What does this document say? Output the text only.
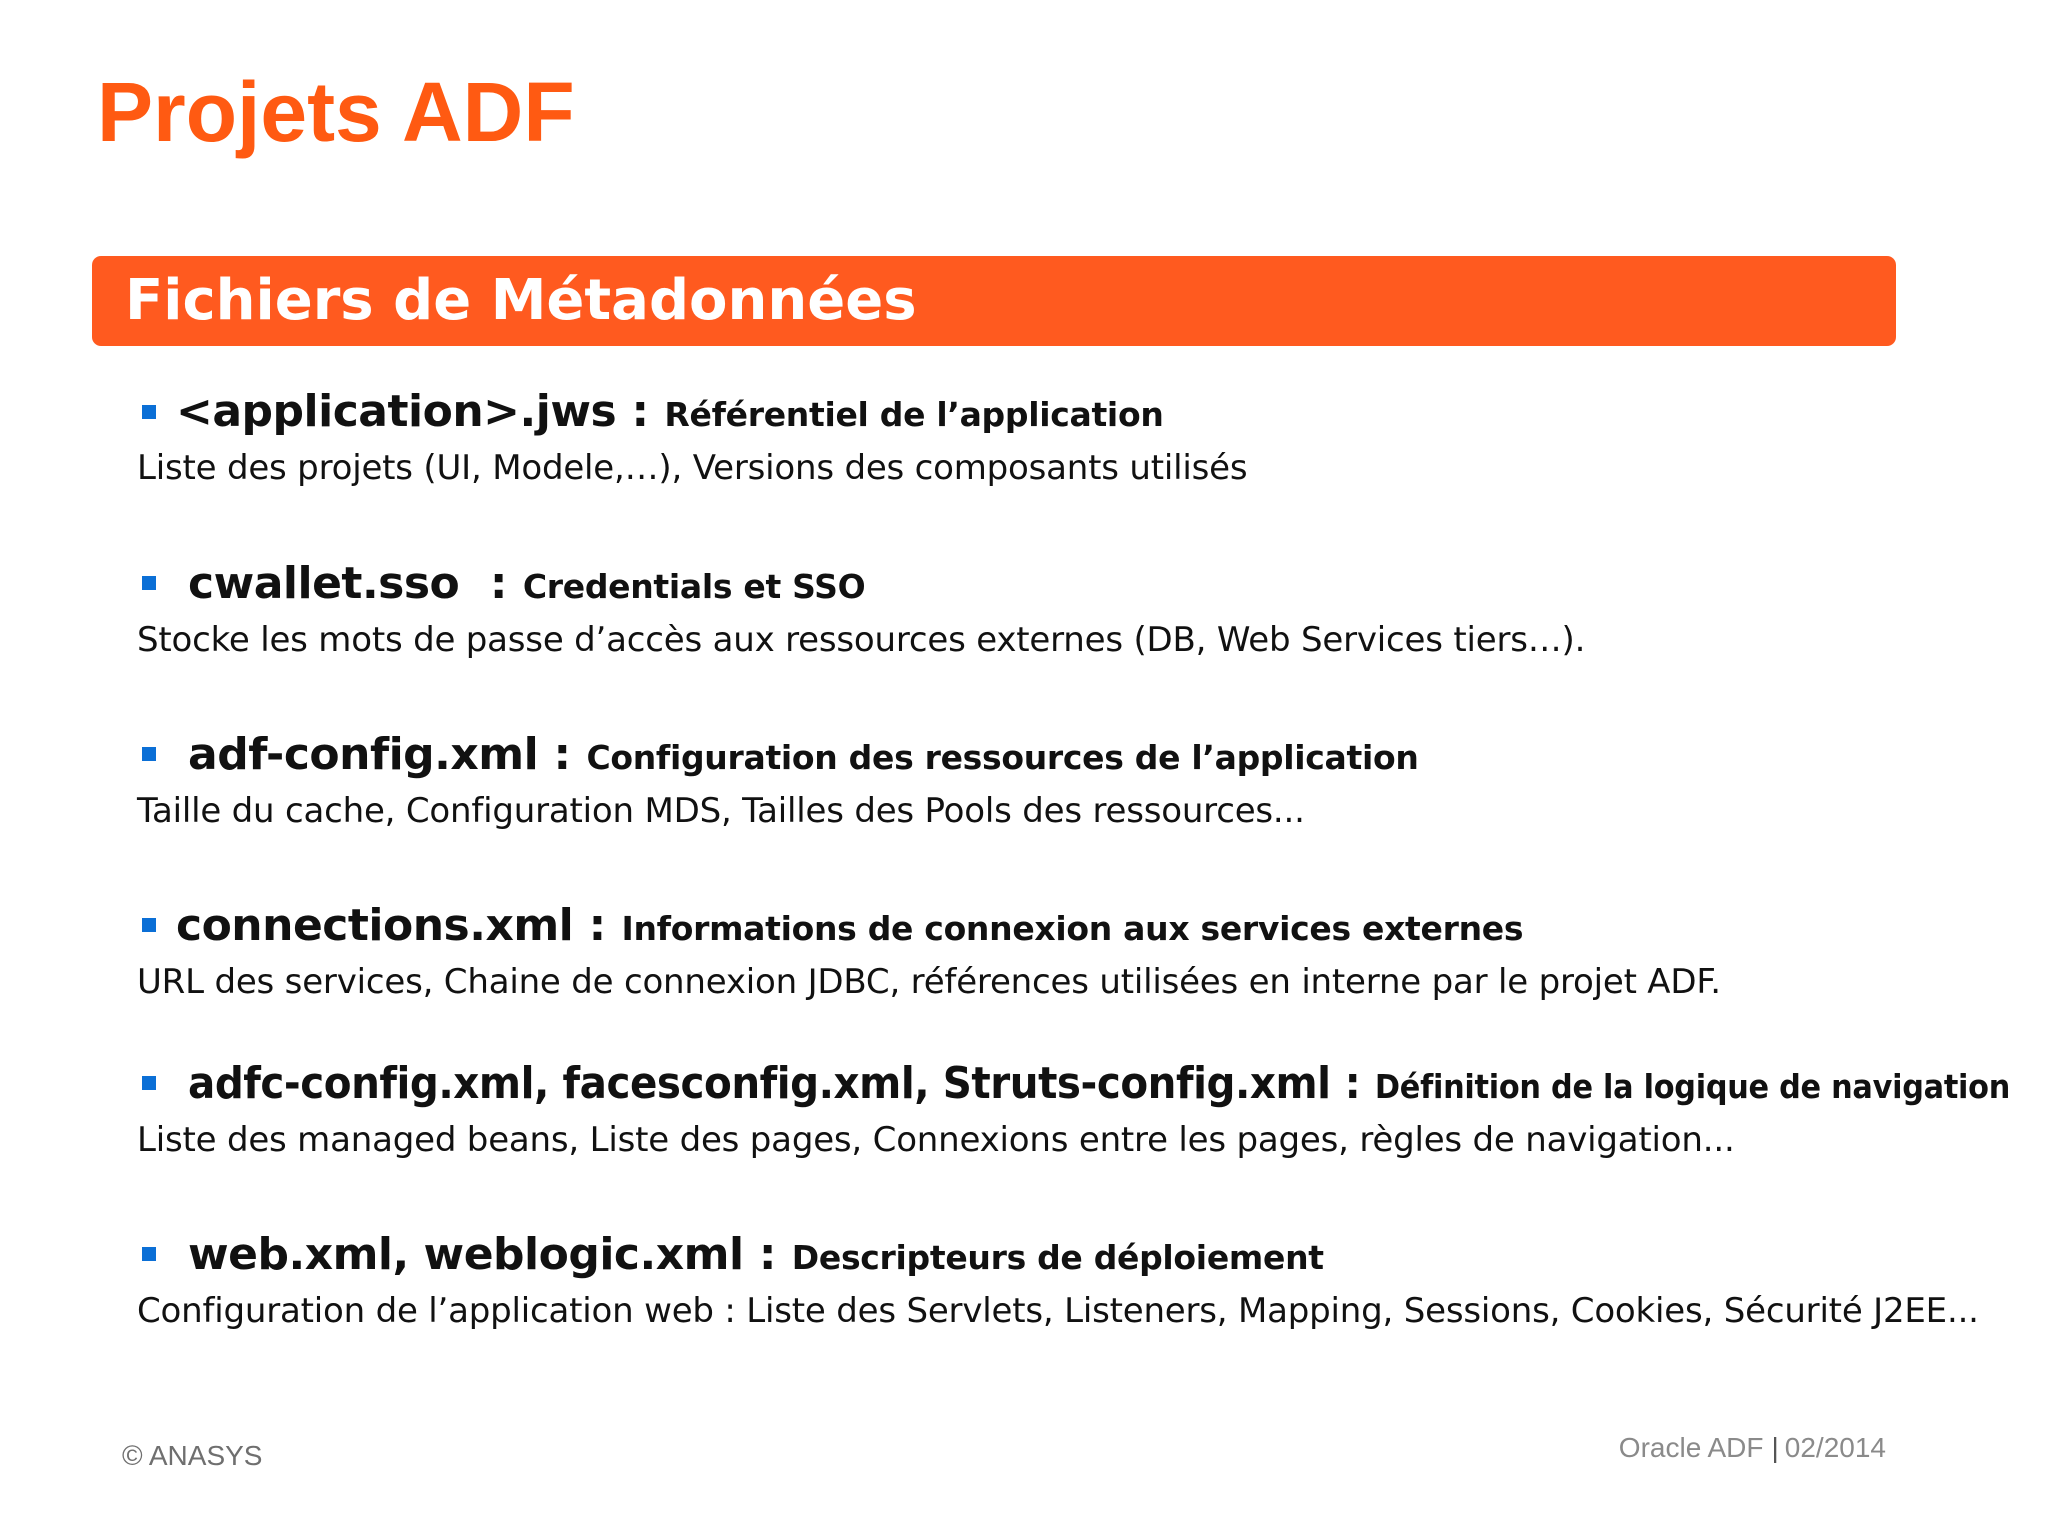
Projets ADF
Fichiers de Métadonnées
<application>.jws : Référentiel de l’application
Liste des projets (UI, Modele,…), Versions des composants utilisés
cwallet.sso  : Credentials et SSO
Stocke les mots de passe d’accès aux ressources externes (DB, Web Services tiers…).
adf-config.xml : Configuration des ressources de l’application
Taille du cache, Configuration MDS, Tailles des Pools des ressources...
connections.xml : Informations de connexion aux services externes
URL des services, Chaine de connexion JDBC, références utilisées en interne par le projet ADF.
adfc-config.xml, facesconfig.xml, Struts-config.xml : Définition de la logique de navigation
Liste des managed beans, Liste des pages, Connexions entre les pages, règles de navigation...
web.xml, weblogic.xml : Descripteurs de déploiement
Configuration de l’application web : Liste des Servlets, Listeners, Mapping, Sessions, Cookies, Sécurité J2EE...
© ANASYS	Oracle ADF | 02/2014
